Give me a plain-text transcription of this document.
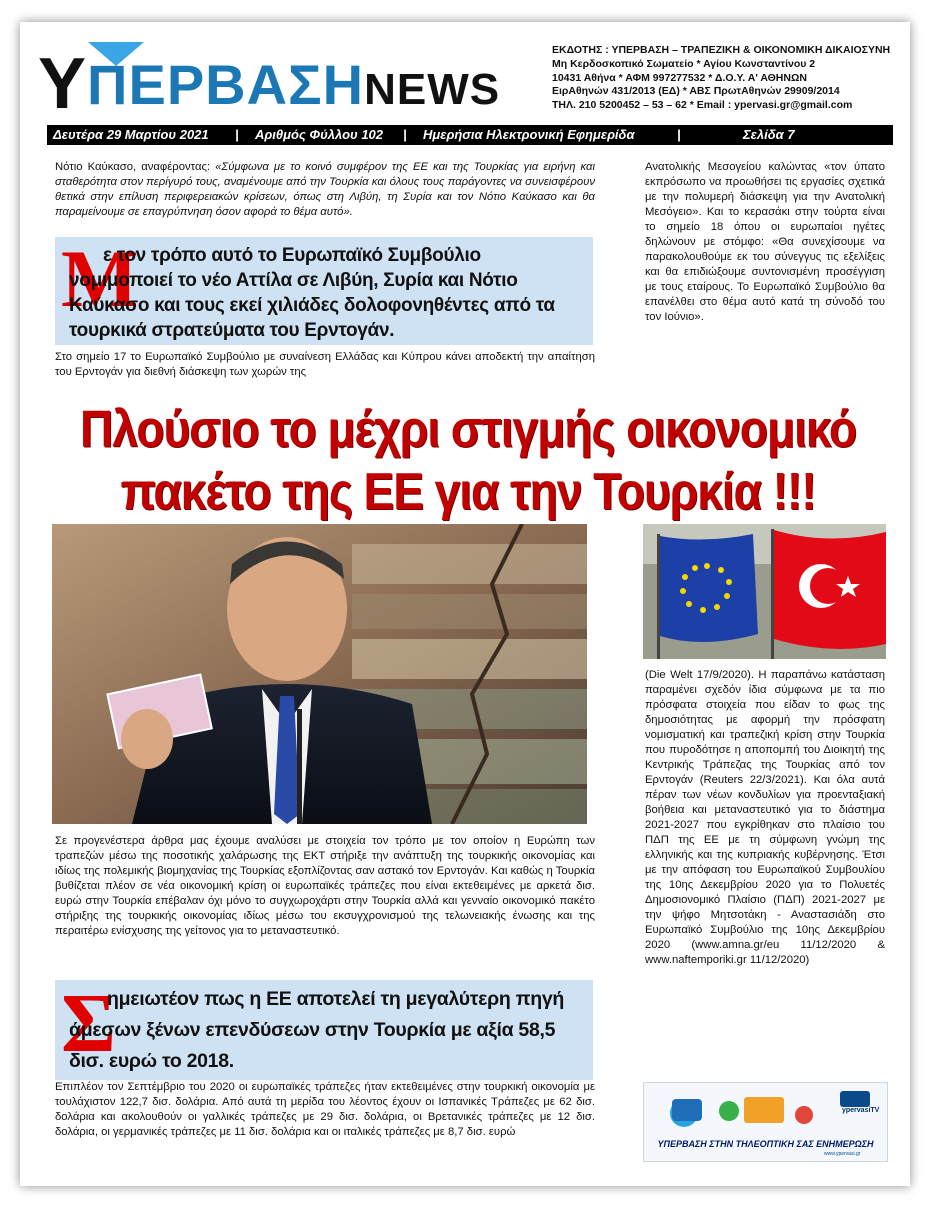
YΠΕΡΒΑΣΗNEWS
ΕΚΔΟΤΗΣ : ΥΠΕΡΒΑΣΗ – ΤΡΑΠΕΖΙΚΗ & ΟΙΚΟΝΟΜΙΚΗ ΔΙΚΑΙΟΣΥΝΗ
Μη Κερδοσκοπικό Σωματείο * Αγίου Κωνσταντίνου 2
10431 Αθήνα * ΑΦΜ 997277532 * Δ.Ο.Υ. Α' ΑΘΗΝΩΝ
ΕιρΑθηνών 431/2013 (ΕΔ) * ΑΒΣ ΠρωτΑθηνών 29909/2014
ΤΗΛ. 210 5200452 – 53 – 62 * Email : ypervasi.gr@gmail.com
Δευτέρα 29 Μαρτίου 2021 | Αριθμός Φύλλου 102 | Ημερήσια Ηλεκτρονική Εφημερίδα	|	Σελίδα 7
Νότιο Καύκασο, αναφέροντας: «Σύμφωνα με το κοινό συμφέρον της ΕΕ και της Τουρκίας για ειρήνη και σταθερότητα στον περίγυρό τους, αναμένουμε από την Τουρκία και όλους τους παράγοντες να συνεισφέρουν θετικά στην επίλυση περιφερειακών κρίσεων, όπως στη Λιβύη, τη Συρία και τον Νότιο Καύκασο και θα παραμείνουμε σε επαγρύπνηση όσον αφορά το θέμα αυτό».
Μ
ε τον τρόπο αυτό το Ευρωπαϊκό Συμβούλιο νομιμοποιεί το νέο Αττίλα σε Λιβύη, Συρία και Νότιο Καύκασο και τους εκεί χιλιάδες δολοφονηθέντες από τα τουρκικά στρατεύματα του Ερντογάν.
Στο σημείο 17 το Ευρωπαϊκό Συμβούλιο με συναίνεση Ελλάδας και Κύπρου κάνει αποδεκτή την απαίτηση του Ερντογάν για διεθνή διάσκεψη των χωρών της
Ανατολικής Μεσογείου καλώντας «τον ύπατο εκπρόσωπο να προωθήσει τις εργασίες σχετικά με την πολυμερή διάσκεψη για την Ανατολική Μεσόγειο». Και το κερασάκι στην τούρτα είναι το σημείο 18 όπου οι ευρωπαίοι ηγέτες δηλώνουν με στόμφο: «Θα συνεχίσουμε να παρακολουθούμε εκ του σύνεγγυς τις εξελίξεις και θα επιδιώξουμε συντονισμένη προσέγγιση με τους εταίρους. Το Ευρωπαϊκό Συμβούλιο θα επανέλθει στο θέμα αυτό κατά τη σύνοδό του τον Ιούνιο».
Πλούσιο το μέχρι στιγμής οικονομικό
πακέτο της ΕΕ για την Τουρκία !!!
Σε προγενέστερα άρθρα μας έχουμε αναλύσει με στοιχεία τον τρόπο με τον οποίον η Ευρώπη των τραπεζών μέσω της ποσοτικής χαλάρωσης της ΕΚΤ στήριξε την ανάπτυξη της τουρκικής οικονομίας και ιδίως της πολεμικής βιομηχανίας της Τουρκίας εξοπλίζοντας σαν αστακό τον Ερντογάν. Και καθώς η Τουρκία βυθίζεται πλέον σε νέα οικονομική κρίση οι ευρωπαϊκές τράπεζες που είναι εκτεθειμένες με αρκετά δισ. ευρώ στην Τουρκία επέβαλαν όχι μόνο το συγχωροχάρτι στην Τουρκία αλλά και γενναίο οικονομικό πακέτο στήριξης της τουρκικής οικονομίας ιδίως μέσω του εκσυγχρονισμού της τελωνειακής ένωσης και της περαιτέρω ενίσχυσης της γείτονος για το μεταναστευτικό.
Σ
ημειωτέον πως η ΕΕ αποτελεί τη μεγαλύτερη πηγή άμεσων ξένων επενδύσεων στην Τουρκία με αξία 58,5 δισ. ευρώ το 2018.
Επιπλέον τον Σεπτέμβριο του 2020 οι ευρωπαϊκές τράπεζες ήταν εκτεθειμένες στην τουρκική οικονομία με τουλάχιστον 122,7 δισ. δολάρια. Από αυτά τη μερίδα του λέοντος έχουν οι Ισπανικές Τράπεζες με 62 δισ. δολάρια και ακολουθούν οι γαλλικές τράπεζες με 29 δισ. δολάρια, οι Βρετανικές τράπεζες με 12 δισ. δολάρια, οι γερμανικές τράπεζες με 11 δισ. δολάρια και οι ιταλικές τράπεζες με 8,7 δισ. ευρώ
(Die Welt 17/9/2020). Η παραπάνω κατάσταση παραμένει σχεδόν ίδια σύμφωνα με τα πιο πρόσφατα στοιχεία που είδαν το φως της δημοσιότητας με αφορμή την πρόσφατη νομισματική και τραπεζική κρίση στην Τουρκία που πυροδότησε η αποπομπή του Διοικητή της Κεντρικής Τράπεζας της Τουρκίας από τον Ερντογάν (Reuters 22/3/2021). Και όλα αυτά πέραν των νέων κονδυλίων για προενταξιακή βοήθεια και μεταναστευτικό για το διάστημα 2021-2027 που εγκρίθηκαν στο πλαίσιο του ΠΔΠ της ΕΕ με τη σύμφωνη γνώμη της ελληνικής και της κυπριακής κυβέρνησης. Έτσι με την απόφαση του Ευρωπαϊκού Συμβουλίου της 10ης Δεκεμβρίου 2020 για το Πολυετές Δημοσιονομικό Πλαίσιο (ΠΔΠ) 2021-2027 με την ψήφο Μητσοτάκη - Αναστασιάδη στο Ευρωπαϊκό Συμβούλιο της 10ης Δεκεμβρίου 2020 (www.amna.gr/eu 11/12/2020 & www.naftemporiki.gr 11/12/2020)
ypervasiTV
ΥΠΕΡΒΑΣΗ ΣΤΗΝ ΤΗΛΕΟΠΤΙΚΗ ΣΑΣ ΕΝΗΜΕΡΩΣΗ
www.ypervasi.gr
